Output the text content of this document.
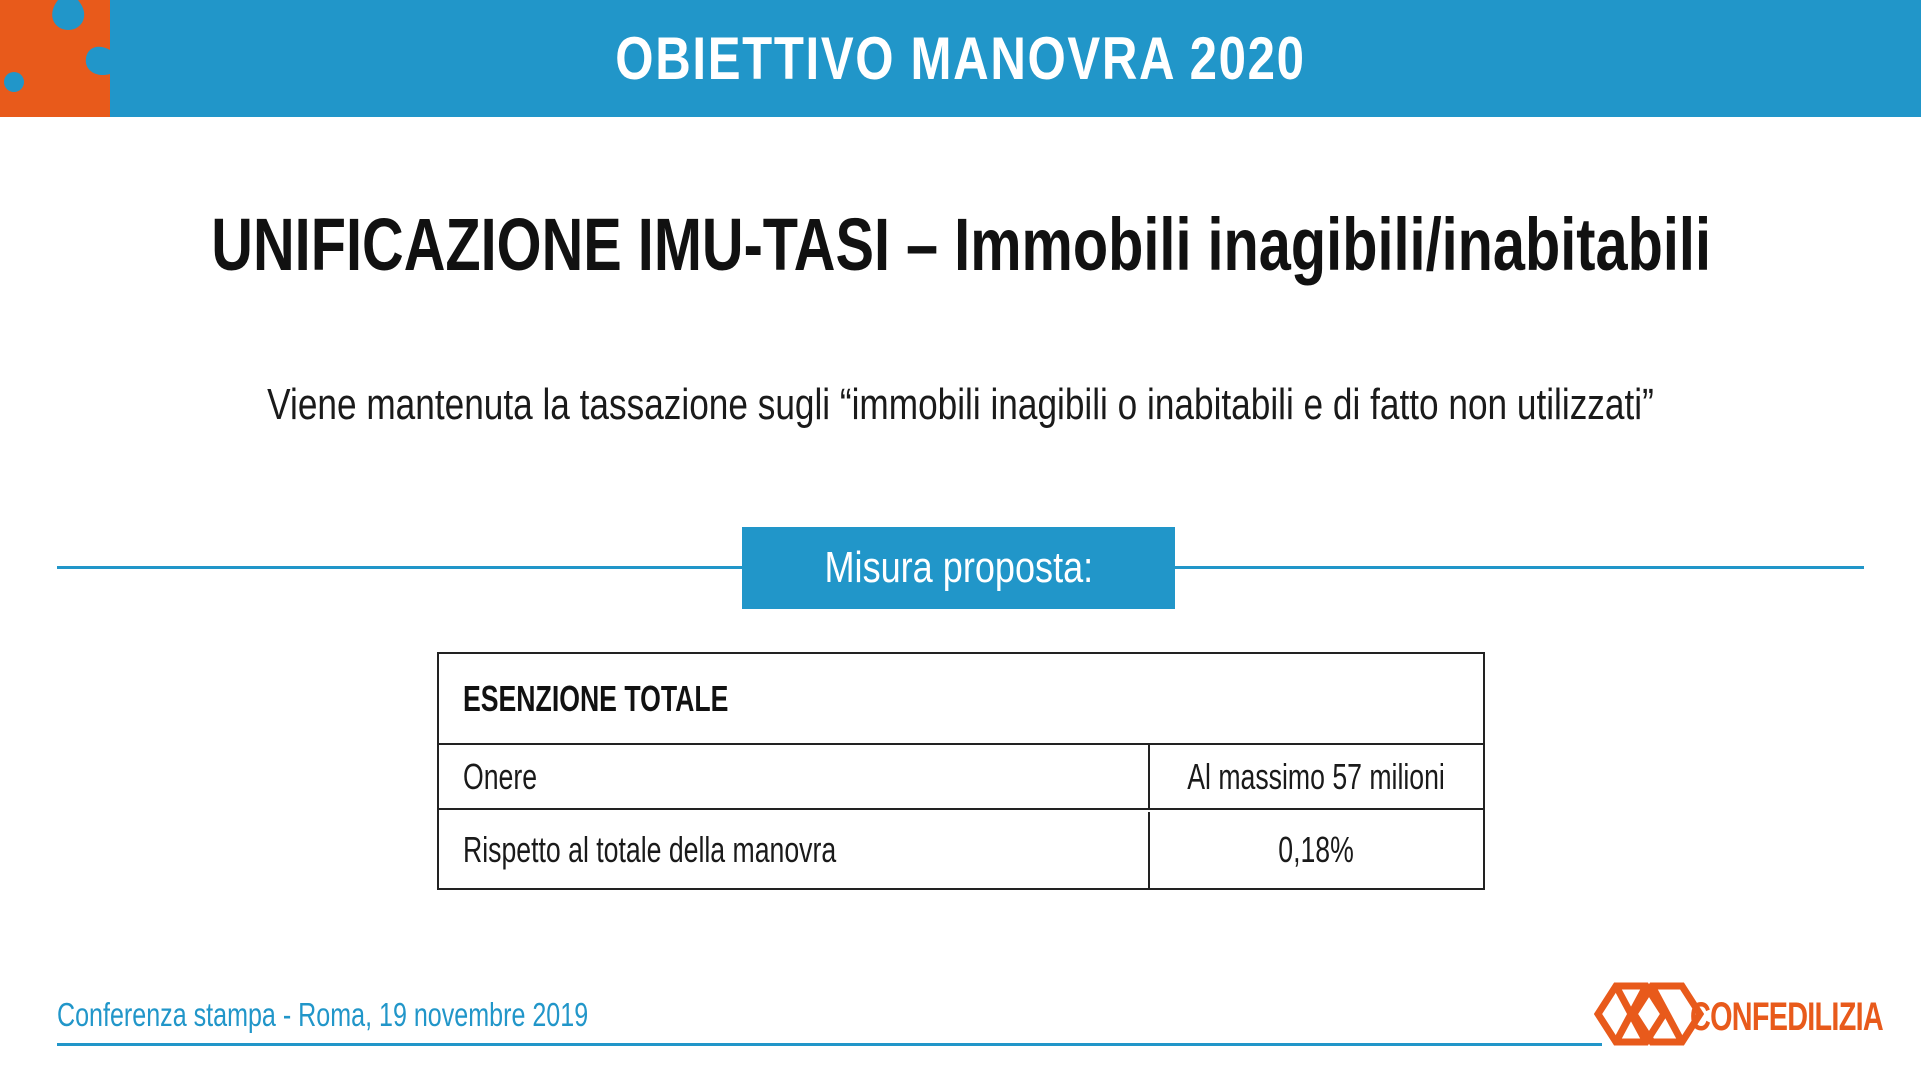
OBIETTIVO MANOVRA 2020
UNIFICAZIONE IMU-TASI – Immobili inagibili/inabitabili
Viene mantenuta la tassazione sugli “immobili inagibili o inabitabili e di fatto non utilizzati”
Misura proposta:
ESENZIONE TOTALE
Onere	Al massimo 57 milioni
Rispetto al totale della manovra	0,18%
Conferenza stampa - Roma, 19 novembre 2019	CONFEDILIZIA
